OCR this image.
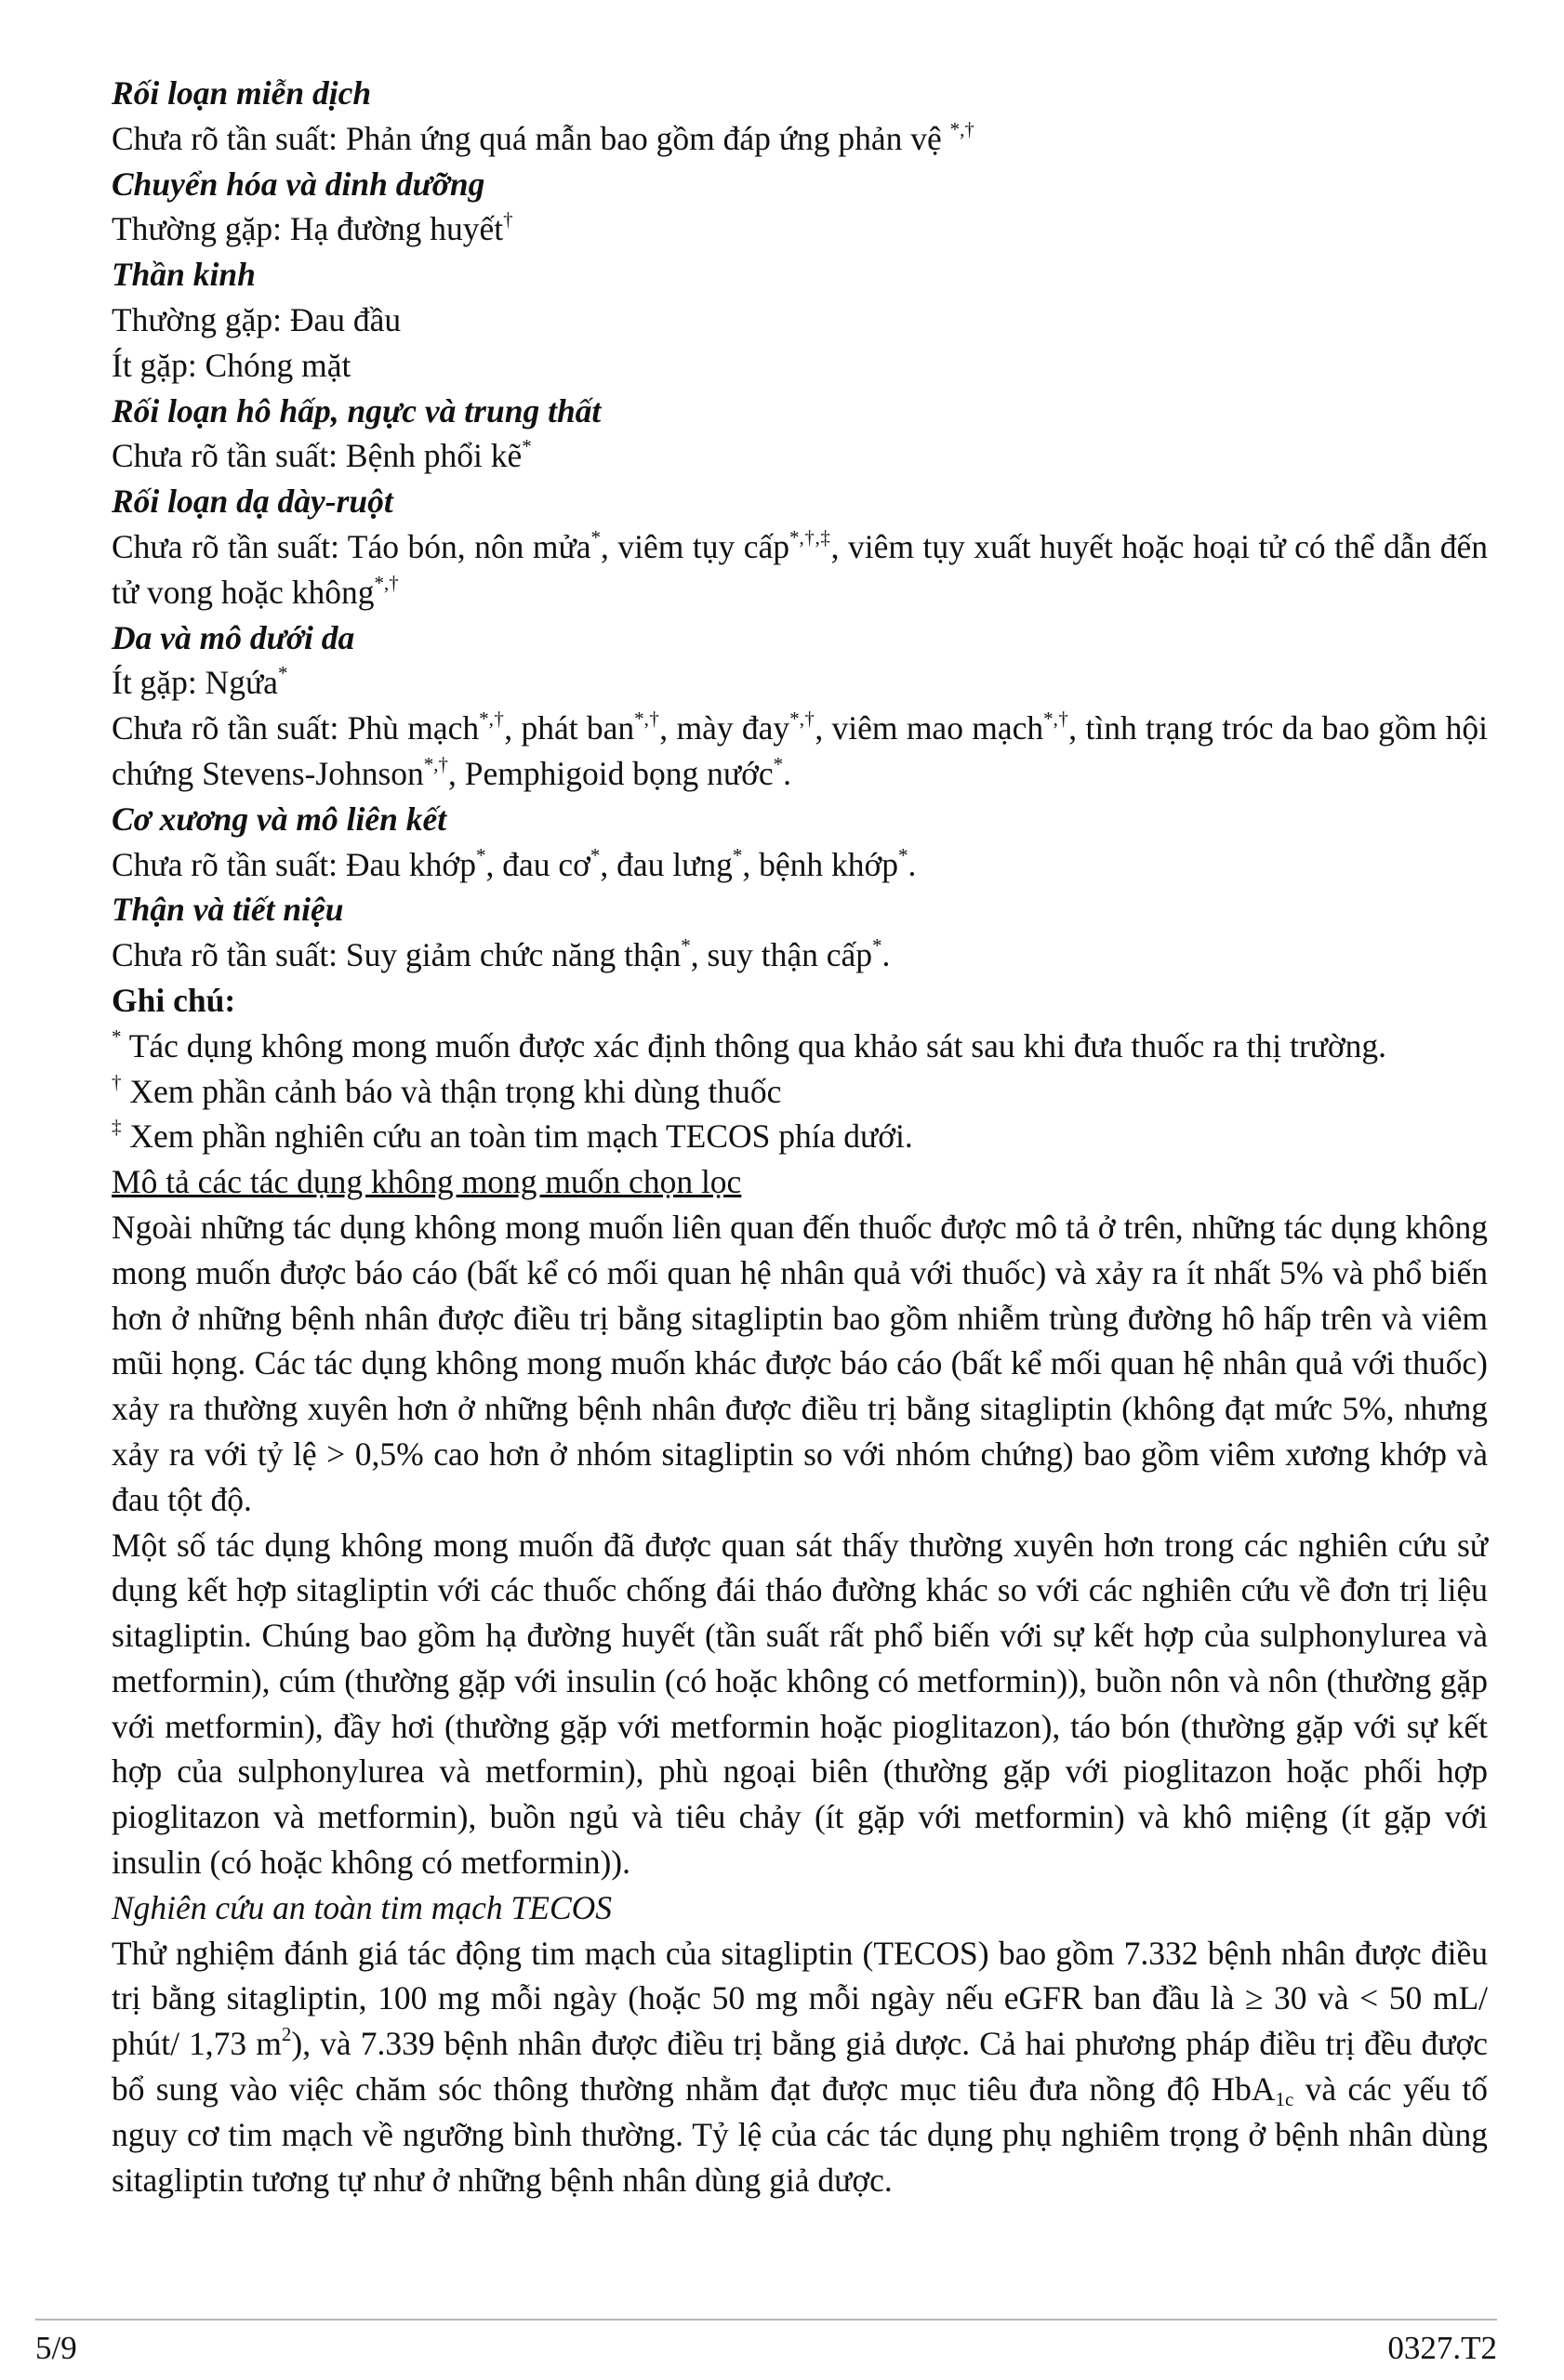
Rối loạn miễn dịch

Chưa rõ tần suất: Phản ứng quá mẫn bao gồm đáp ứng phản vệ *,†

Chuyển hóa và dinh dưỡng

Thường gặp: Hạ đường huyết†

Thần kinh

Thường gặp: Đau đầu

Ít gặp: Chóng mặt

Rối loạn hô hấp, ngực và trung thất

Chưa rõ tần suất: Bệnh phổi kẽ*

Rối loạn dạ dày-ruột

Chưa rõ tần suất: Táo bón, nôn mửa*, viêm tụy cấp*,†,‡, viêm tụy xuất huyết hoặc hoại tử có thể dẫn đến tử vong hoặc không*,†

Da và mô dưới da

Ít gặp: Ngứa*

Chưa rõ tần suất: Phù mạch*,†, phát ban*,†, mày đay*,†, viêm mao mạch*,†, tình trạng tróc da bao gồm hội chứng Stevens-Johnson*,†, Pemphigoid bọng nước*.

Cơ xương và mô liên kết

Chưa rõ tần suất: Đau khớp*, đau cơ*, đau lưng*, bệnh khớp*.

Thận và tiết niệu

Chưa rõ tần suất: Suy giảm chức năng thận*, suy thận cấp*.

Ghi chú:

* Tác dụng không mong muốn được xác định thông qua khảo sát sau khi đưa thuốc ra thị trường.

† Xem phần cảnh báo và thận trọng khi dùng thuốc

‡ Xem phần nghiên cứu an toàn tim mạch TECOS phía dưới.

Mô tả các tác dụng không mong muốn chọn lọc

Ngoài những tác dụng không mong muốn liên quan đến thuốc được mô tả ở trên, những tác dụng không mong muốn được báo cáo (bất kể có mối quan hệ nhân quả với thuốc) và xảy ra ít nhất 5% và phổ biến hơn ở những bệnh nhân được điều trị bằng sitagliptin bao gồm nhiễm trùng đường hô hấp trên và viêm mũi họng. Các tác dụng không mong muốn khác được báo cáo (bất kể mối quan hệ nhân quả với thuốc) xảy ra thường xuyên hơn ở những bệnh nhân được điều trị bằng sitagliptin (không đạt mức 5%, nhưng xảy ra với tỷ lệ > 0,5% cao hơn ở nhóm sitagliptin so với nhóm chứng) bao gồm viêm xương khớp và đau tột độ.

Một số tác dụng không mong muốn đã được quan sát thấy thường xuyên hơn trong các nghiên cứu sử dụng kết hợp sitagliptin với các thuốc chống đái tháo đường khác so với các nghiên cứu về đơn trị liệu sitagliptin. Chúng bao gồm hạ đường huyết (tần suất rất phổ biến với sự kết hợp của sulphonylurea và metformin), cúm (thường gặp với insulin (có hoặc không có metformin)), buồn nôn và nôn (thường gặp với metformin), đầy hơi (thường gặp với metformin hoặc pioglitazon), táo bón (thường gặp với sự kết hợp của sulphonylurea và metformin), phù ngoại biên (thường gặp với pioglitazon hoặc phối hợp pioglitazon và metformin), buồn ngủ và tiêu chảy (ít gặp với metformin) và khô miệng (ít gặp với insulin (có hoặc không có metformin)).

Nghiên cứu an toàn tim mạch TECOS

Thử nghiệm đánh giá tác động tim mạch của sitagliptin (TECOS) bao gồm 7.332 bệnh nhân được điều trị bằng sitagliptin, 100 mg mỗi ngày (hoặc 50 mg mỗi ngày nếu eGFR ban đầu là ≥ 30 và < 50 mL/ phút/ 1,73 $m^2$), và 7.339 bệnh nhân được điều trị bằng giả dược. Cả hai phương pháp điều trị đều được bổ sung vào việc chăm sóc thông thường nhằm đạt được mục tiêu đưa nồng độ HbA$_{1c}$ và các yếu tố nguy cơ tim mạch về ngưỡng bình thường. Tỷ lệ của các tác dụng phụ nghiêm trọng ở bệnh nhân dùng sitagliptin tương tự như ở những bệnh nhân dùng giả dược.

5/9	0327.T2
